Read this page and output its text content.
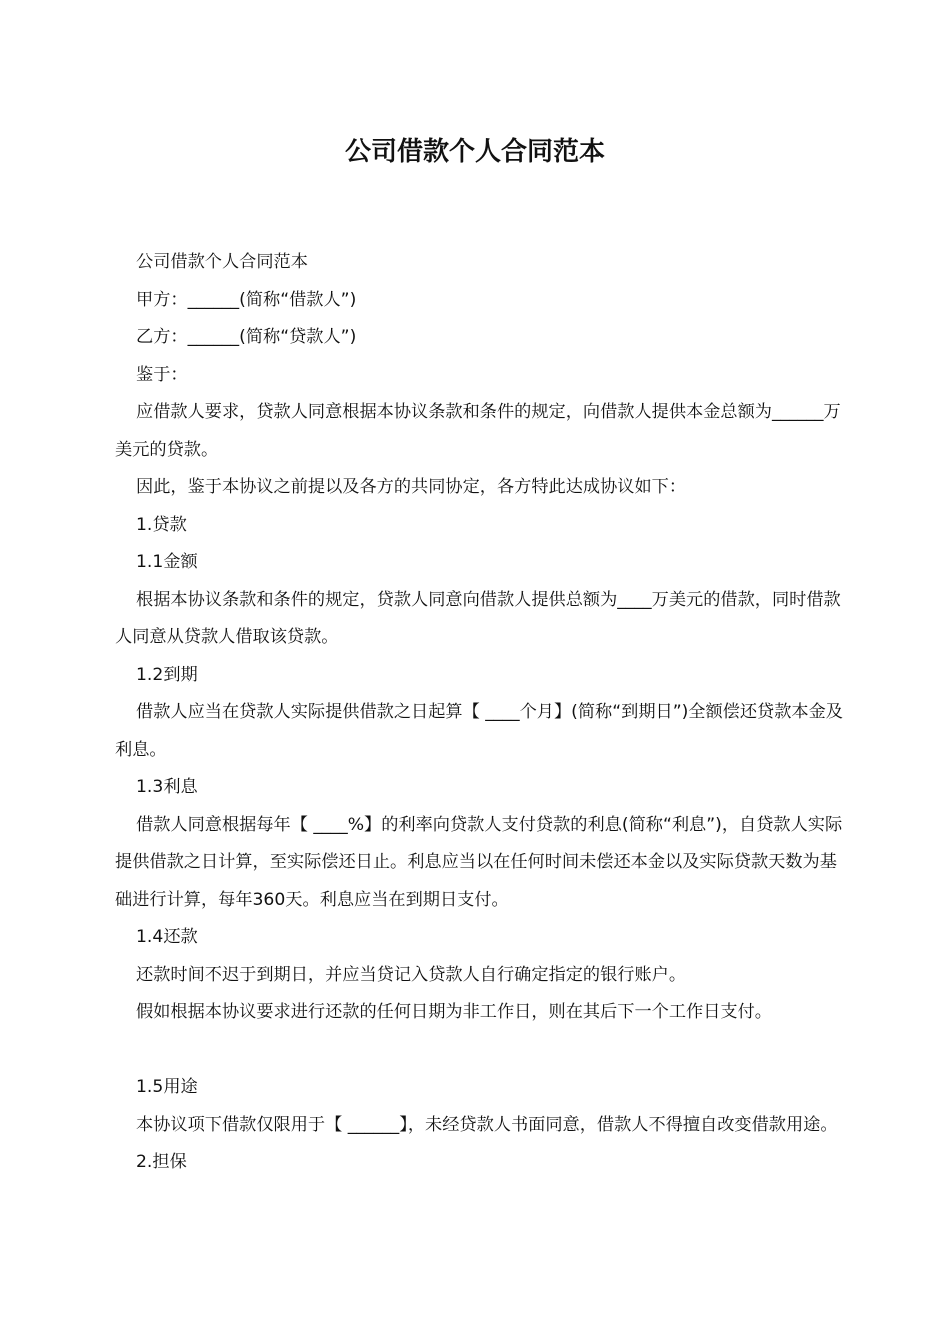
公司借款个人合同范本

公司借款个人合同范本

甲方：______(简称“借款人”)

乙方：______(简称“贷款人”)

鉴于：

应借款人要求，贷款人同意根据本协议条款和条件的规定，向借款人提供本金总额为______万美元的贷款。

因此，鉴于本协议之前提以及各方的共同协定，各方特此达成协议如下：

1.贷款

1.1金额

根据本协议条款和条件的规定，贷款人同意向借款人提供总额为____万美元的借款，同时借款人同意从贷款人借取该贷款。

1.2到期

借款人应当在贷款人实际提供借款之日起算【 ____个月】(简称“到期日”)全额偿还贷款本金及利息。

1.3利息

借款人同意根据每年【 ____%】的利率向贷款人支付贷款的利息(简称“利息”)，自贷款人实际提供借款之日计算，至实际偿还日止。利息应当以在任何时间未偿还本金以及实际贷款天数为基础进行计算，每年360天。利息应当在到期日支付。

1.4还款

还款时间不迟于到期日，并应当贷记入贷款人自行确定指定的银行账户。

假如根据本协议要求进行还款的任何日期为非工作日，则在其后下一个工作日支付。

1.5用途

本协议项下借款仅限用于【 ______】，未经贷款人书面同意，借款人不得擅自改变借款用途。

2.担保
